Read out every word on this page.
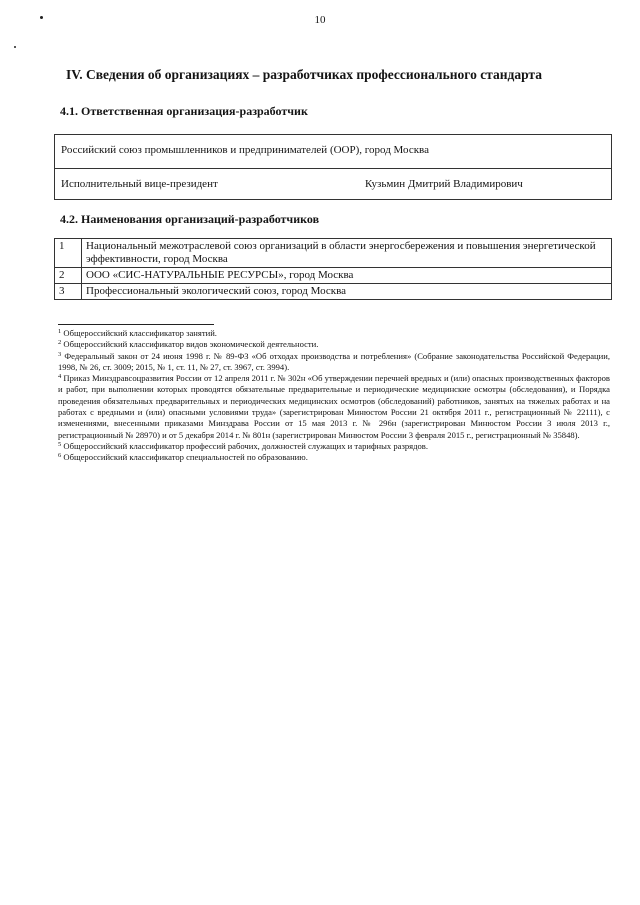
10
IV. Сведения об организациях – разработчиках профессионального стандарта
4.1. Ответственная организация-разработчик
Российский союз промышленников и предпринимателей (ООР), город Москва
Исполнительный вице-президент	Кузьмин Дмитрий Владимирович
4.2. Наименования организаций-разработчиков
1	Национальный межотраслевой союз организаций в области энергосбережения и повышения энергетической эффективности, город Москва
2	ООО «СИС-НАТУРАЛЬНЫЕ РЕСУРСЫ», город Москва
3	Профессиональный экологический союз, город Москва

$^1$ Общероссийский классификатор занятий.

$^2$ Общероссийский классификатор видов экономической деятельности.

$^3$ Федеральный закон от 24 июня 1998 г. № 89-ФЗ «Об отходах производства и потребления» (Собрание законодательства Российской Федерации, 1998, № 26, ст. 3009; 2015, № 1, ст. 11, № 27, ст. 3967, ст. 3994).

$^4$ Приказ Минздравсоцразвития России от 12 апреля 2011 г. № 302н «Об утверждении перечней вредных и (или) опасных производственных факторов и работ, при выполнении которых проводятся обязательные предварительные и периодические медицинские осмотры (обследования), и Порядка проведения обязательных предварительных и периодических медицинских осмотров (обследований) работников, занятых на тяжелых работах и на работах с вредными и (или) опасными условиями труда» (зарегистрирован Минюстом России 21 октября 2011 г., регистрационный № 22111), с изменениями, внесенными приказами Минздрава России от 15 мая 2013 г. № 296н (зарегистрирован Минюстом России 3 июля 2013 г., регистрационный № 28970) и от 5 декабря 2014 г. № 801н (зарегистрирован Минюстом России 3 февраля 2015 г., регистрационный № 35848).

$^5$ Общероссийский классификатор профессий рабочих, должностей служащих и тарифных разрядов.

$^6$ Общероссийский классификатор специальностей по образованию.
